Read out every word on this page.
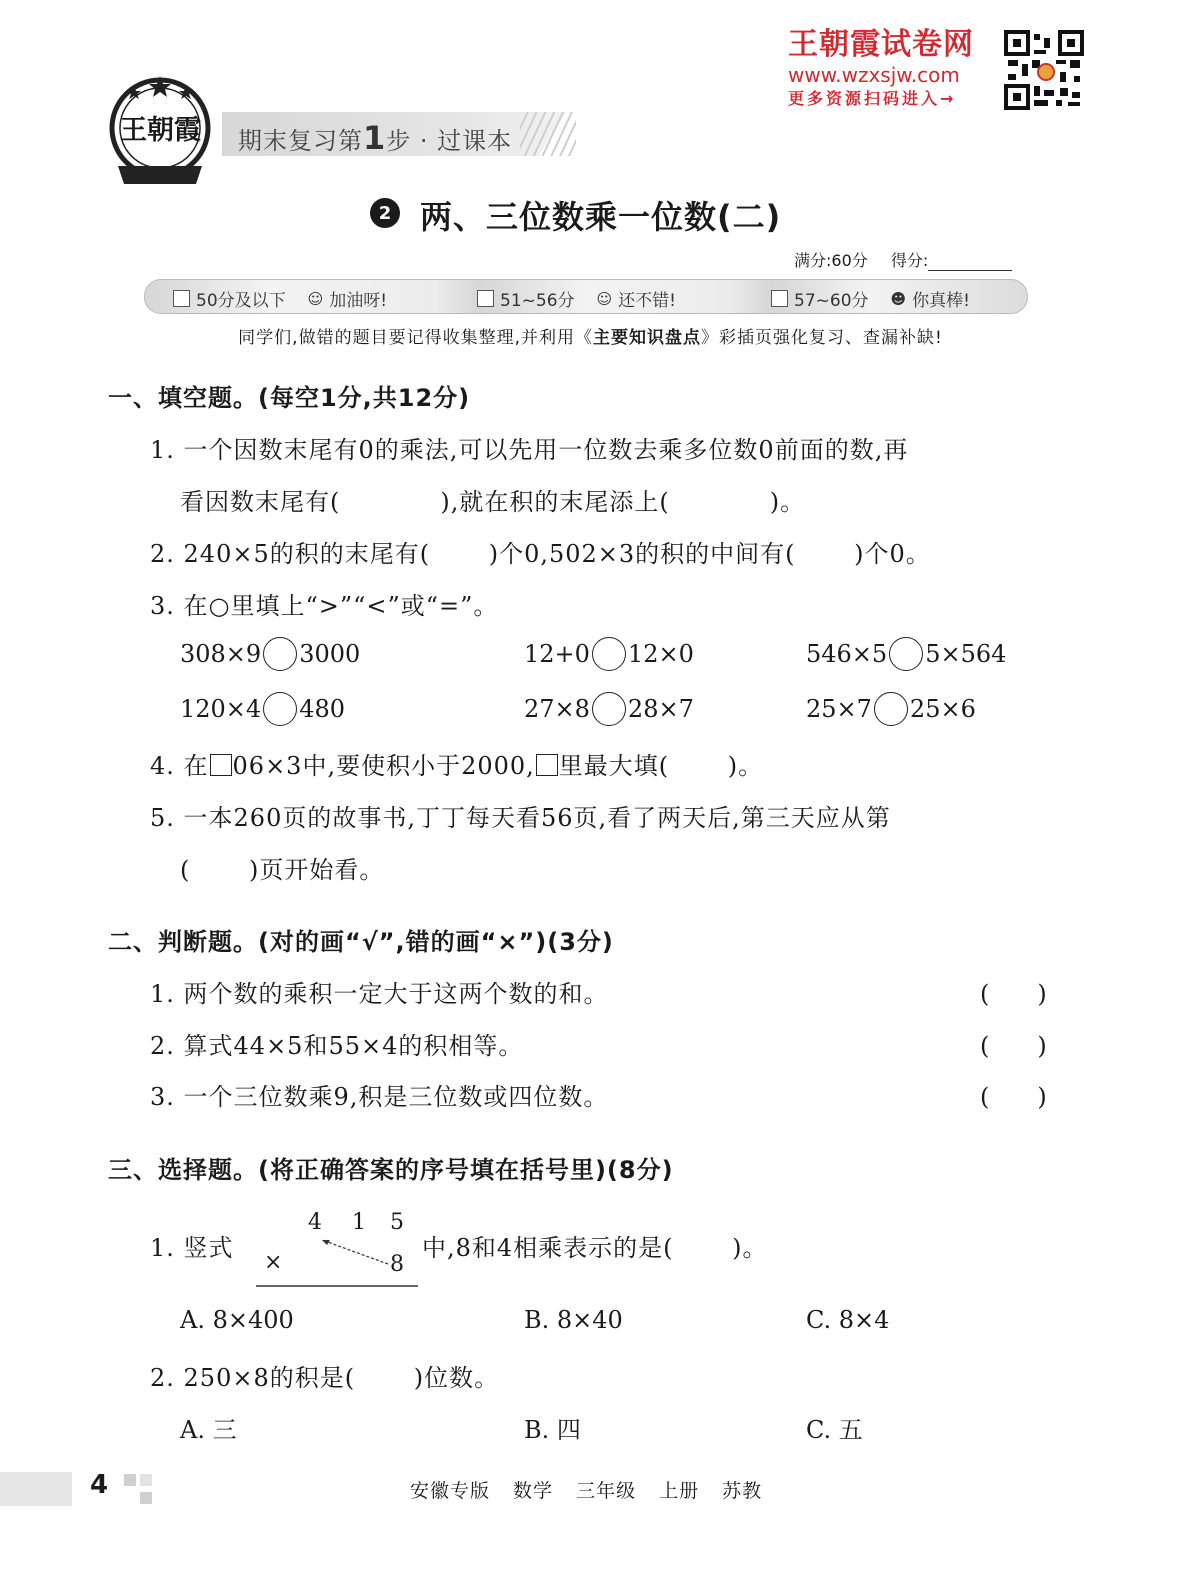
王朝霞 期末复习第1步 · 过课本
王朝霞试卷网
www.wzxsjw.com
更多资源扫码进入→
2 两、三位数乘一位数(二)
满分:60分 得分:
50分及以下 ☺ 加油呀!	51~56分 ☺ 还不错!	57~60分 ☻ 你真棒!
同学们,做错的题目要记得收集整理,并利用《主要知识盘点》彩插页强化复习、查漏补缺!
一、填空题。(每空1分,共12分)
1. 一个因数末尾有0的乘法,可以先用一位数去乘多位数0前面的数,再
看因数末尾有(　　　　),就在积的末尾添上(　　　　)。
2. 240×5的积的末尾有(　　 )个0,502×3的积的中间有(　　 )个0。
3. 在○里填上“>”“<”或“=”。
308×9 3000	12+0 12×0	546×5 5×564
120×4 480	27×8 28×7	25×7 25×6
4. 在 06×3中,要使积小于2000, 里最大填(　　 )。
5. 一本260页的故事书,丁丁每天看56页,看了两天后,第三天应从第
(　　 )页开始看。
二、判断题。(对的画“√”,错的画“×”)(3分)
1. 两个数的乘积一定大于这两个数的和。	(　　)
2. 算式44×5和55×4的积相等。	(　　)
3. 一个三位数乘9,积是三位数或四位数。	(　　)
三、选择题。(将正确答案的序号填在括号里)(8分)
1. 竖式
4 1 5
×	8
中,8和4相乘表示的是(　　 )。
A. 8×400	B. 8×40	C. 8×4
2. 250×8的积是(　　 )位数。
A. 三	B. 四	C. 五
4	安徽专版 数学 三年级 上册 苏教
